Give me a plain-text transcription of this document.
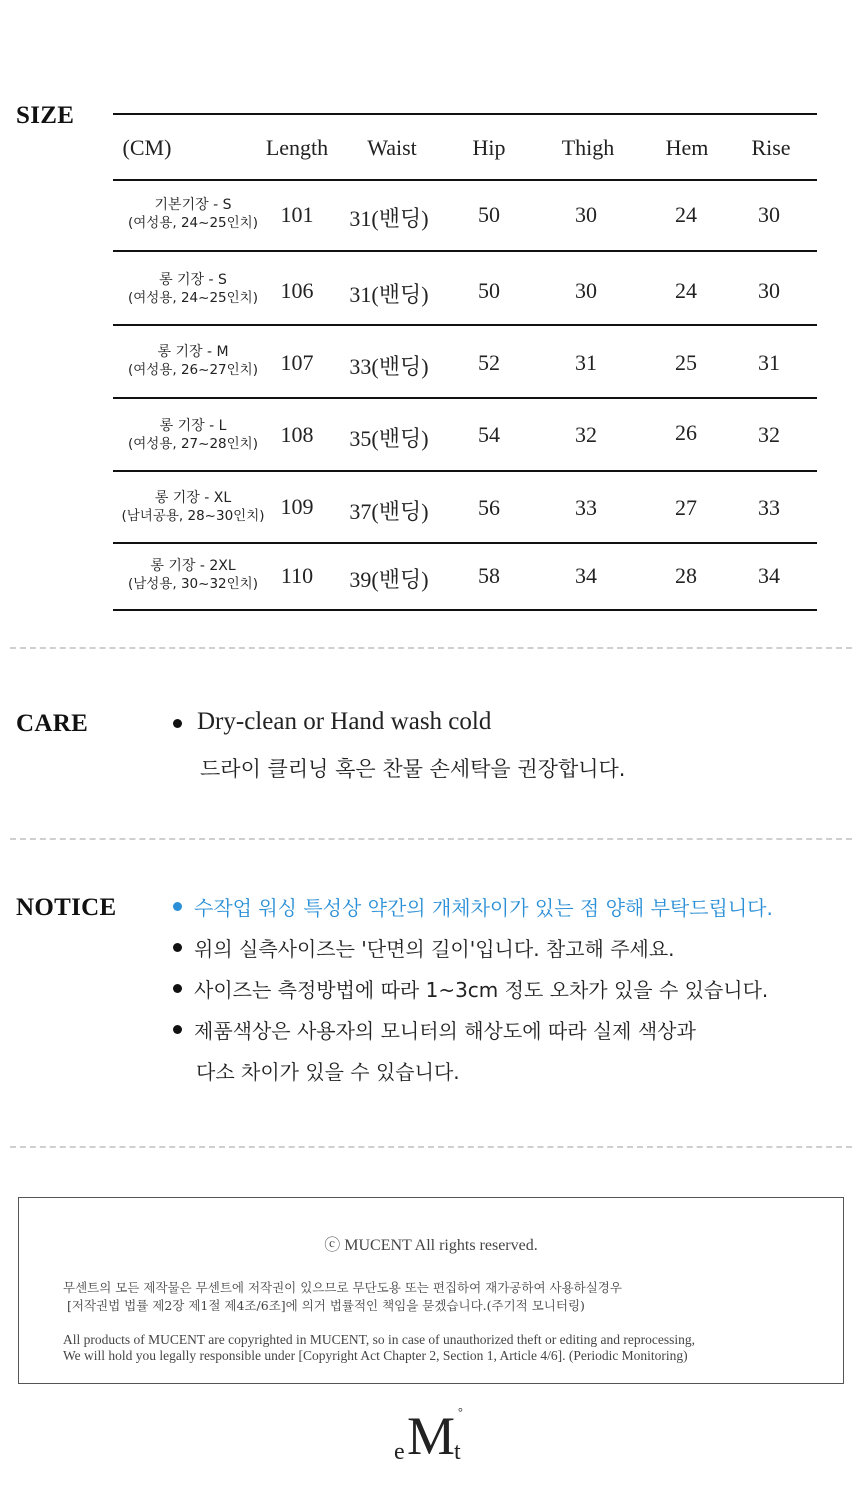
SIZE
(CM)	Length Waist	Hip	Thigh Hem Rise
기본기장 - S
(여성용, 24~25인치)	101 31(밴딩) 50	30	24	30
롱 기장 - S
(여성용, 24~25인치)	106 31(밴딩) 50	30	24	30
롱 기장 - M
(여성용, 26~27인치)	107 33(밴딩) 52	31	25	31
롱 기장 - L
(여성용, 27~28인치)	108 35(밴딩) 54	32	26	32
롱 기장 - XL
(남녀공용, 28~30인치) 109 37(밴딩) 56	33	27	33
롱 기장 - 2XL
(남성용, 30~32인치)	110 39(밴딩) 58	34	28	34
CARE	Dry-clean or Hand wash cold
드라이 클리닝 혹은 찬물 손세탁을 권장합니다.
NOTICE	수작업 워싱 특성상 약간의 개체차이가 있는 점 양해 부탁드립니다.
위의 실측사이즈는 '단면의 길이'입니다. 참고해 주세요.
사이즈는 측정방법에 따라 1~3cm 정도 오차가 있을 수 있습니다.
제품색상은 사용자의 모니터의 해상도에 따라 실제 색상과
다소 차이가 있을 수 있습니다.
ⓒ MUCENT All rights reserved.
무센트의 모든 제작물은 무센트에 저작권이 있으므로 무단도용 또는 편집하여 재가공하여 사용하실경우
[저작권법 법률 제2장 제1절 제4조/6조]에 의거 법률적인 책임을 묻겠습니다.(주기적 모니터링)
All products of MUCENT are copyrighted in MUCENT, so in case of unauthorized theft or editing and reprocessing,
We will hold you legally responsible under [Copyright Act Chapter 2, Section 1, Article 4/6]. (Periodic Monitoring)
e M
t
°
